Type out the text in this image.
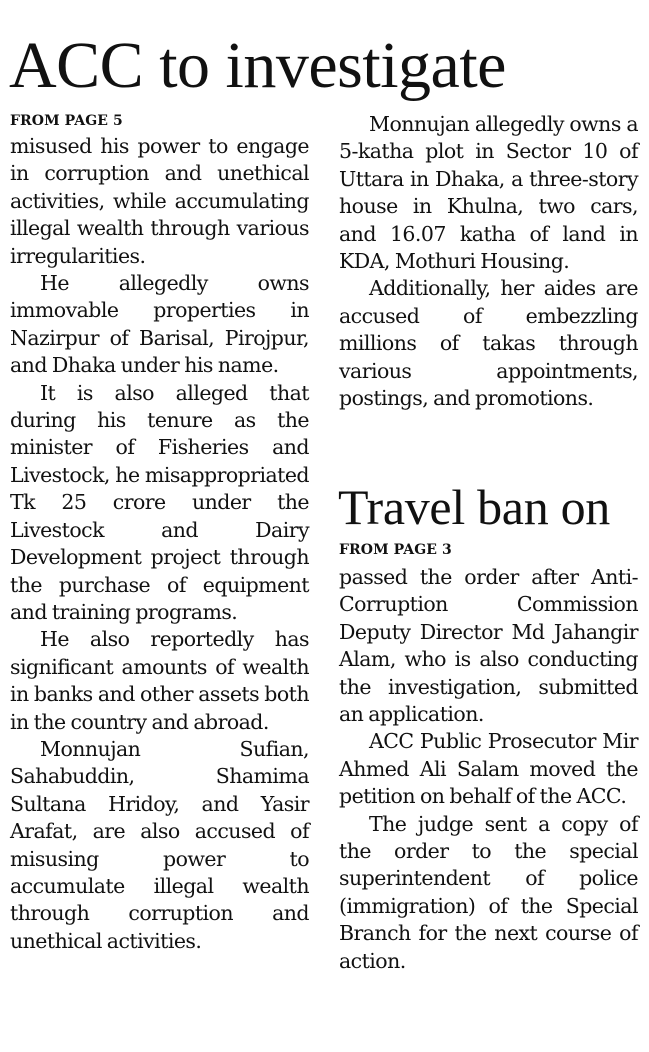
ACC to investigate
FROM PAGE 5

misused his power to engage in corruption and unethical activities, while accumulating illegal wealth through various irregularities.

He allegedly owns immovable properties in Nazirpur of Barisal, Pirojpur, and Dhaka under his name.

It is also alleged that during his tenure as the minister of Fisheries and Livestock, he misappropriated Tk 25 crore under the Livestock and Dairy Development project through the purchase of equipment and training programs.

He also reportedly has significant amounts of wealth in banks and other assets both in the country and abroad.

Monnujan Sufian, Sahabuddin, Shamima Sultana Hridoy, and Yasir Arafat, are also accused of misusing power to accumulate illegal wealth through corruption and unethical activities.

Monnujan allegedly owns a 5-katha plot in Sector 10 of Uttara in Dhaka, a three-story house in Khulna, two cars, and 16.07 katha of land in KDA, Mothuri Housing.

Additionally, her aides are accused of embezzling millions of takas through various appointments, postings, and promotions.

Travel ban on
FROM PAGE 3

passed the order after Anti-Corruption Commission Deputy Director Md Jahangir Alam, who is also conducting the investigation, submitted an application.

ACC Public Prosecutor Mir Ahmed Ali Salam moved the petition on behalf of the ACC.

The judge sent a copy of the order to the special superintendent of police (immigration) of the Special Branch for the next course of action.
